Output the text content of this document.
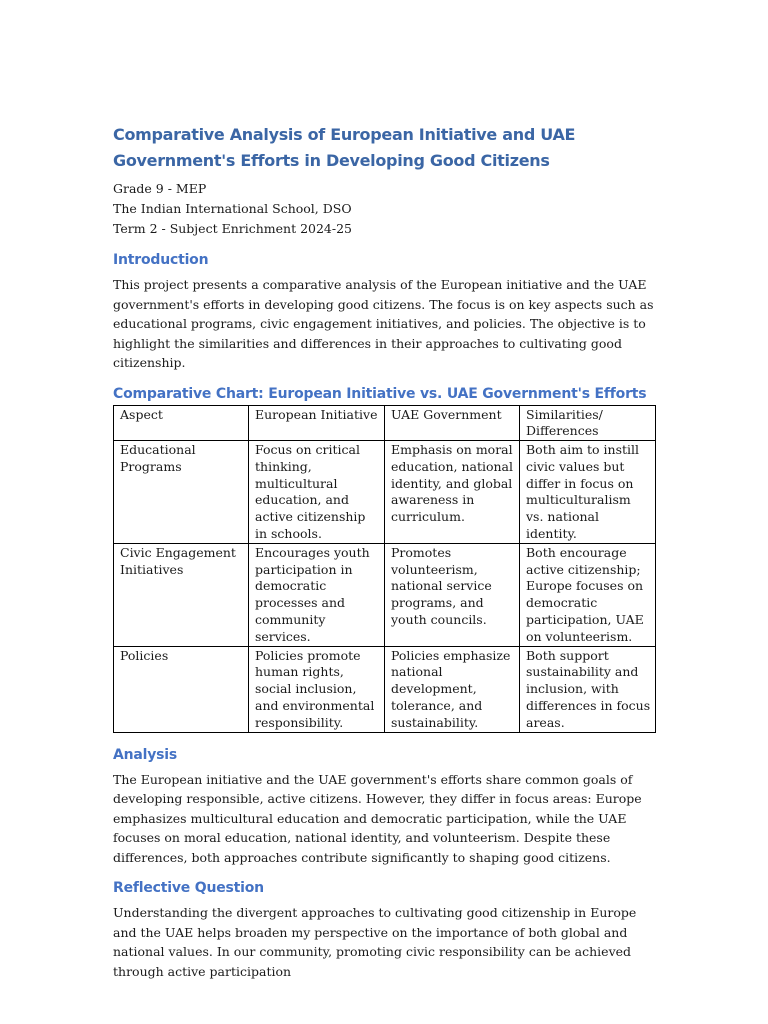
Comparative Analysis of European Initiative and UAE Government's Efforts in Developing Good Citizens
Grade 9 - MEP
The Indian International School, DSO
Term 2 - Subject Enrichment 2024-25
Introduction

This project presents a comparative analysis of the European initiative and the UAE government's efforts in developing good citizens. The focus is on key aspects such as educational programs, civic engagement initiatives, and policies. The objective is to highlight the similarities and differences in their approaches to cultivating good citizenship.

Comparative Chart: European Initiative vs. UAE Government's Efforts
Aspect	European Initiative	UAE Government	Similarities/ Differences
Educational Programs	Focus on critical thinking, multicultural education, and active citizenship in schools.	Emphasis on moral education, national identity, and global awareness in curriculum.	Both aim to instill civic values but differ in focus on multiculturalism vs. national identity.
Civic Engagement Initiatives	Encourages youth participation in democratic processes and community services.	Promotes volunteerism, national service programs, and youth councils.	Both encourage active citizenship; Europe focuses on democratic participation, UAE on volunteerism.
Policies	Policies promote human rights, social inclusion, and environmental responsibility.	Policies emphasize national development, tolerance, and sustainability.	Both support sustainability and inclusion, with differences in focus areas.
Analysis

The European initiative and the UAE government's efforts share common goals of developing responsible, active citizens. However, they differ in focus areas: Europe emphasizes multicultural education and democratic participation, while the UAE focuses on moral education, national identity, and volunteerism. Despite these differences, both approaches contribute significantly to shaping good citizens.

Reflective Question

Understanding the divergent approaches to cultivating good citizenship in Europe and the UAE helps broaden my perspective on the importance of both global and national values. In our community, promoting civic responsibility can be achieved through active participation
